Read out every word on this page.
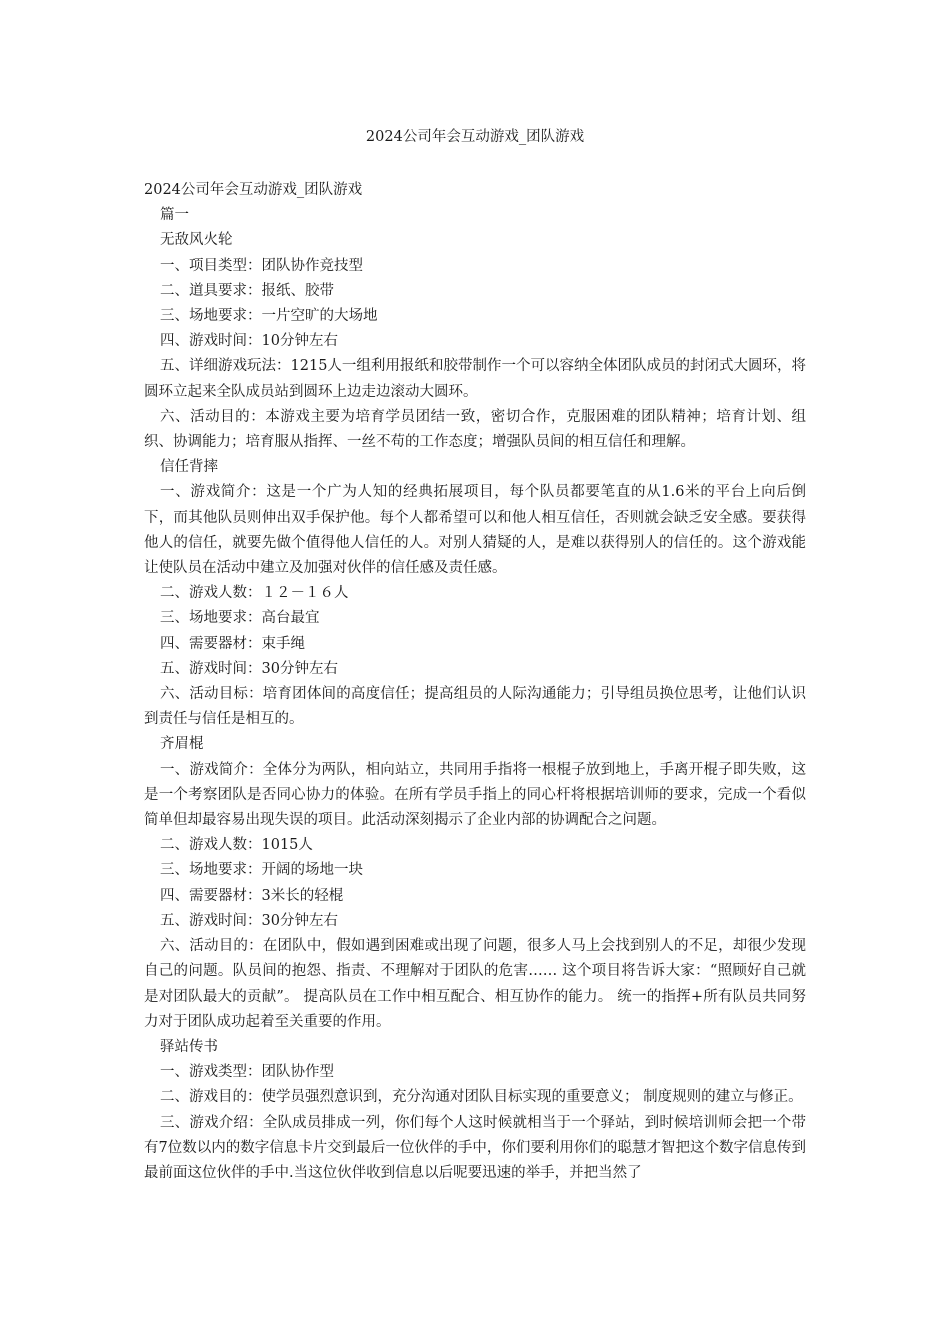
2024公司年会互动游戏_团队游戏

2024公司年会互动游戏_团队游戏

篇一

无敌风火轮

一、项目类型：团队协作竞技型

二、道具要求：报纸、胶带

三、场地要求：一片空旷的大场地

四、游戏时间：10分钟左右

五、详细游戏玩法：1215人一组利用报纸和胶带制作一个可以容纳全体团队成员的封闭式大圆环，将圆环立起来全队成员站到圆环上边走边滚动大圆环。

六、活动目的：本游戏主要为培育学员团结一致，密切合作，克服困难的团队精神；培育计划、组织、协调能力；培育服从指挥、一丝不苟的工作态度；增强队员间的相互信任和理解。

信任背摔

一、游戏简介：这是一个广为人知的经典拓展项目，每个队员都要笔直的从1.6米的平台上向后倒下，而其他队员则伸出双手保护他。每个人都希望可以和他人相互信任，否则就会缺乏安全感。要获得他人的信任，就要先做个值得他人信任的人。对别人猜疑的人，是难以获得别人的信任的。这个游戏能让使队员在活动中建立及加强对伙伴的信任感及责任感。

二、游戏人数：１２－１６人

三、场地要求：高台最宜

四、需要器材：束手绳

五、游戏时间：30分钟左右

六、活动目标：培育团体间的高度信任；提高组员的人际沟通能力；引导组员换位思考，让他们认识到责任与信任是相互的。

齐眉棍

一、游戏简介：全体分为两队，相向站立，共同用手指将一根棍子放到地上，手离开棍子即失败，这是一个考察团队是否同心协力的体验。在所有学员手指上的同心杆将根据培训师的要求，完成一个看似简单但却最容易出现失误的项目。此活动深刻揭示了企业内部的协调配合之问题。

二、游戏人数：1015人

三、场地要求：开阔的场地一块

四、需要器材：3米长的轻棍

五、游戏时间：30分钟左右

六、活动目的：在团队中，假如遇到困难或出现了问题，很多人马上会找到别人的不足，却很少发现自己的问题。队员间的抱怨、指责、不理解对于团队的危害…… 这个项目将告诉大家：“照顾好自己就是对团队最大的贡献”。 提高队员在工作中相互配合、相互协作的能力。 统一的指挥+所有队员共同努力对于团队成功起着至关重要的作用。

驿站传书

一、游戏类型：团队协作型

二、游戏目的：使学员强烈意识到，充分沟通对团队目标实现的重要意义； 制度规则的建立与修正。

三、游戏介绍：全队成员排成一列，你们每个人这时候就相当于一个驿站，到时候培训师会把一个带有7位数以内的数字信息卡片交到最后一位伙伴的手中，你们要利用你们的聪慧才智把这个数字信息传到最前面这位伙伴的手中.当这位伙伴收到信息以后呢要迅速的举手，并把当然了
